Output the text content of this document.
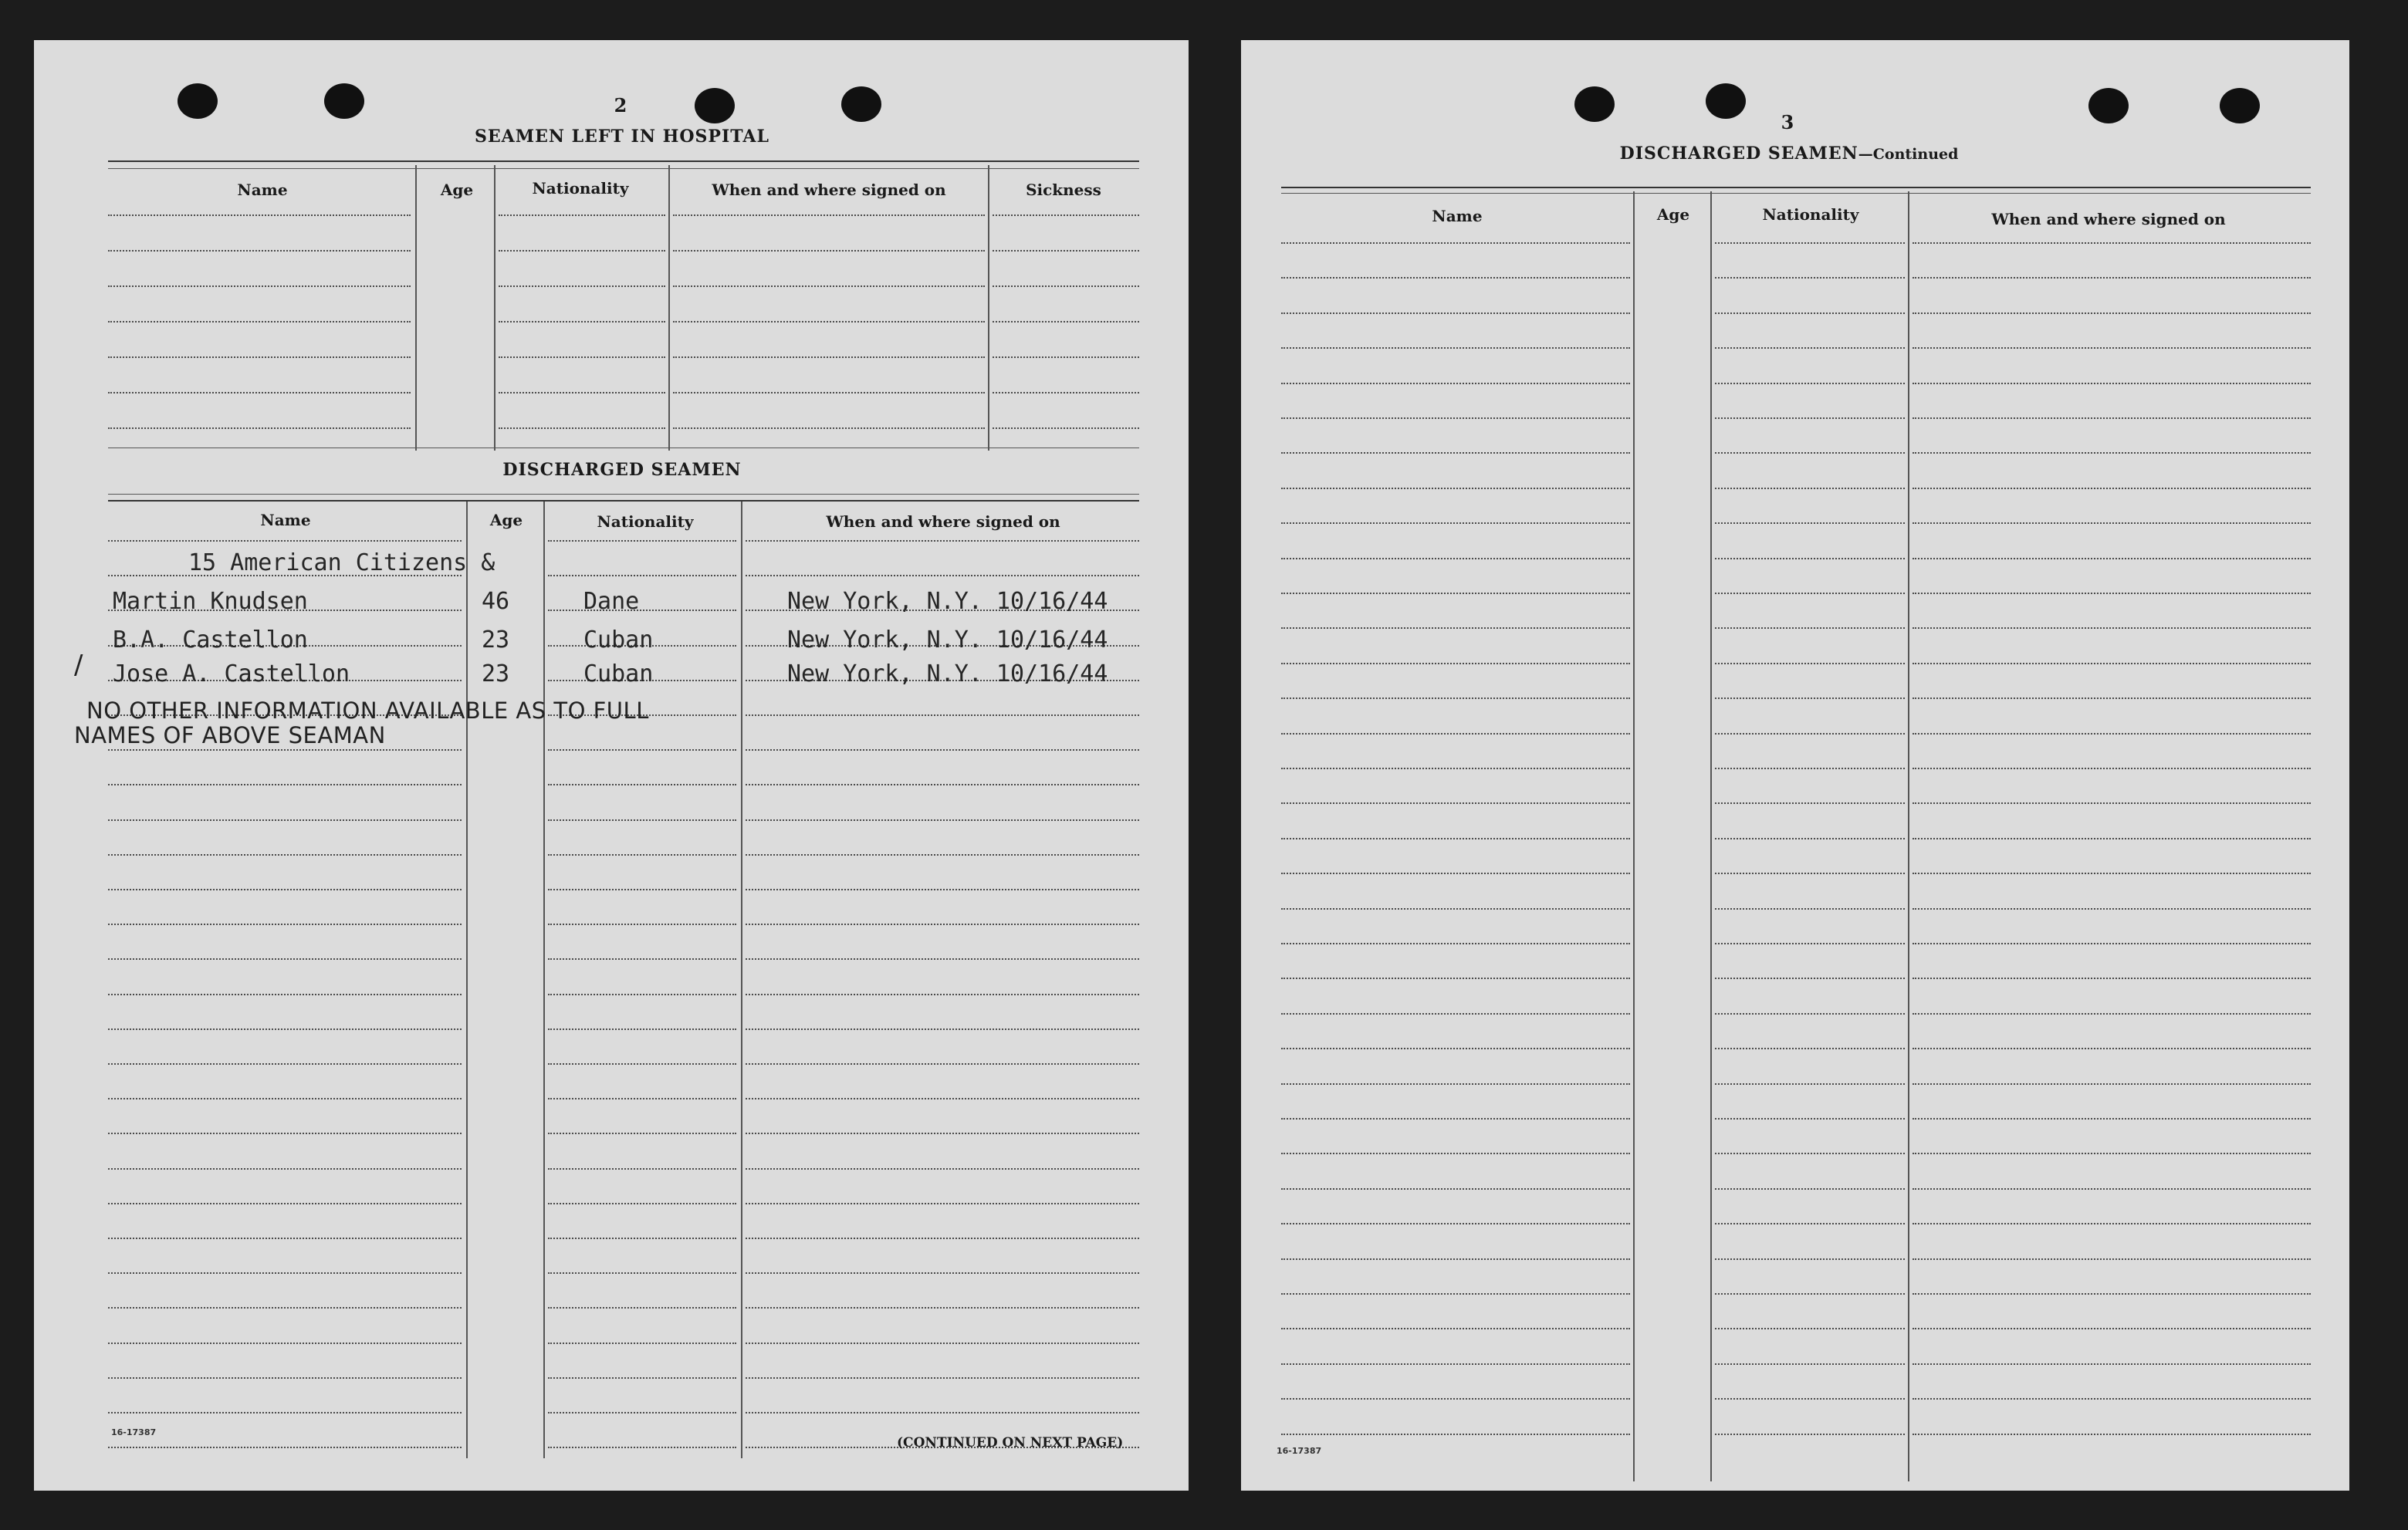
2
SEAMEN LEFT IN HOSPITAL
Name	Age	Nationality	When and where signed on	Sickness
DISCHARGED SEAMEN
Name	Age	Nationality	When and where signed on
15 American Citizens &
Martin Knudsen	46	Dane	New York, N.Y. 10/16/44
B.A. Castellon	23	Cuban	New York, N.Y. 10/16/44
Jose A. Castellon	23	Cuban	New York, N.Y. 10/16/44
/
NO OTHER INFORMATION AVAILABLE AS TO FULL
NAMES OF ABOVE SEAMAN
16-17387
(CONTINUED ON NEXT PAGE)
3
DISCHARGED SEAMEN—Continued
Name	Age	Nationality	When and where signed on
16-17387
